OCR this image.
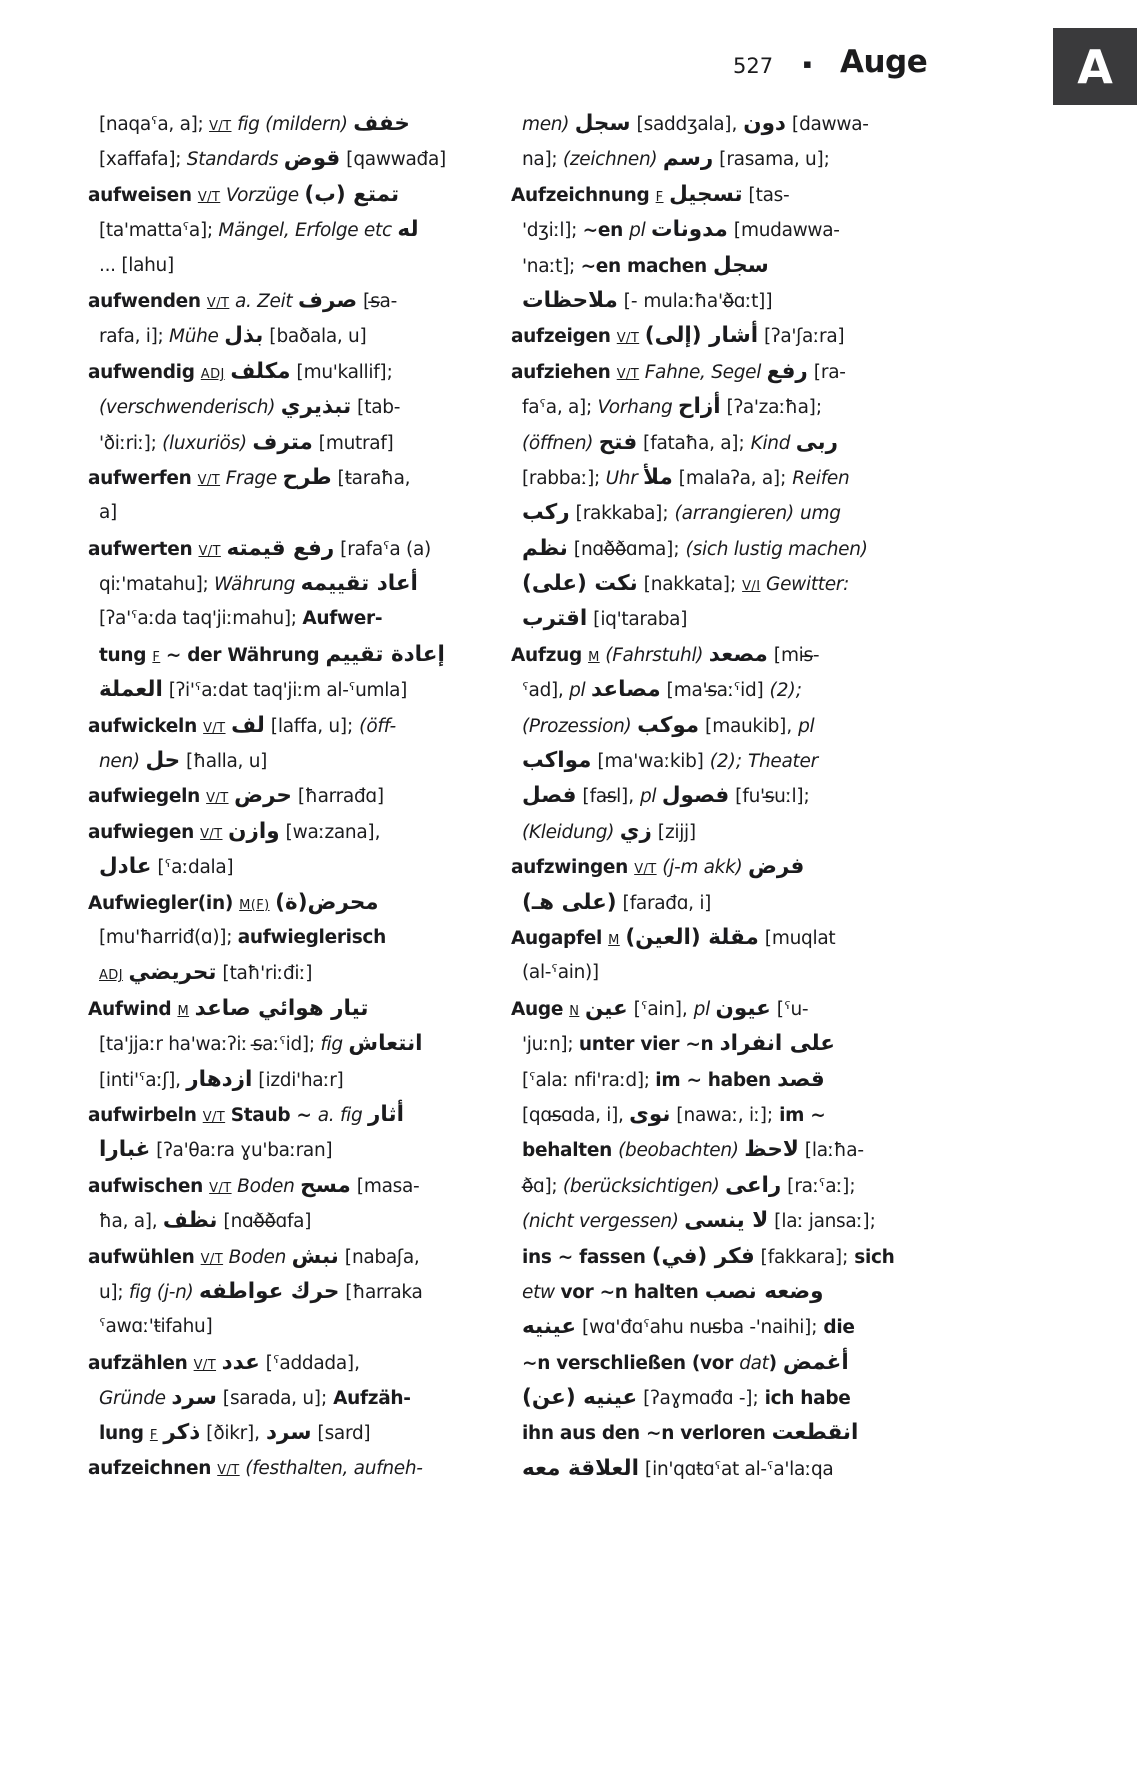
527 ▪ Auge	A
[naqaˤa, a]; V/T fig (mildern) خفف
[xaffafa]; Standards قوض [qawwađa]
aufweisen V/T Vorzüge تمتع (ب)
[ta'mattaˤa]; Mängel, Erfolge etc له
... [lahu]
aufwenden V/T a. Zeit صرف [s̶a-
rafa, i]; Mühe بذل [baðala, u]
aufwendig ADJ مكلف [mu'kallif];
(verschwenderisch) تبذيري [tab-
'ðiːriː]; (luxuriös) مترف [mutraf]
aufwerfen V/T Frage طرح [ŧaraħa,
a]
aufwerten V/T رفع قيمته [rafaˤa (a)
qiː'matahu]; Währung أعاد تقييمه
[ʔa'ˤaːda taq'jiːmahu]; Aufwer-
tung F ~ der Währung إعادة تقييم
العملة [ʔi'ˤaːdat taq'jiːm al-ˤumla]
aufwickeln V/T لف [laffa, u]; (öff-
nen) حل [ħalla, u]
aufwiegeln V/T حرض [ħarrađɑ]
aufwiegen V/T وازن [waːzana],
عادل [ˤaːdala]
Aufwiegler(in) M(F) محرض(ة)
[mu'ħarriđ(ɑ)]; aufwieglerisch
ADJ تحريضي [taħ'riːđiː]
Aufwind M تيار هوائي صاعد
[ta'jjaːr ha'waːʔiː s̶aːˤid]; fig انتعاش
[inti'ˤaːʃ], ازدهار [izdi'haːr]
aufwirbeln V/T Staub ~ a. fig أثار
غبارا [ʔa'θaːra ɣu'baːran]
aufwischen V/T Boden مسح [masa-
ħa, a], نظف [nɑð̶ð̶ɑfa]
aufwühlen V/T Boden نبش [nabaʃa,
u]; fig (j-n) حرك عواطفه [ħarraka
ˤawɑː'ŧifahu]
aufzählen V/T عدد [ˤaddada],
Gründe سرد [sarada, u]; Aufzäh-
lung F ذكر [ðikr], سرد [sard]
aufzeichnen V/T (festhalten, aufneh-
men) سجل [saddʒala], دون [dawwa-
na]; (zeichnen) رسم [rasama, u];
Aufzeichnung F تسجيل [tas-
'dʒiːl]; ~en pl مدونات [mudawwa-
'naːt]; ~en machen سجل
ملاحظات [- mulaːħa'ð̶ɑːt]]
aufzeigen V/T أشار (إلى) [ʔa'ʃaːra]
aufziehen V/T Fahne, Segel رفع [ra-
faˤa, a]; Vorhang أزاح [ʔa'zaːħa];
(öffnen) فتح [fataħa, a]; Kind ربى
[rabbaː]; Uhr ملأ [malaʔa, a]; Reifen
ركب [rakkaba]; (arrangieren) umg
نظم [nɑð̶ð̶ɑma]; (sich lustig machen)
نكت (على) [nakkata]; V/I Gewitter:
اقترب [iq'taraba]
Aufzug M (Fahrstuhl) مصعد [mis̶-
ˤad], pl مصاعد [ma's̶aːˤid] (2);
(Prozession) موكب [maukib], pl
مواكب [ma'waːkib] (2); Theater
فصل [fas̶l], pl فصول [fu's̶uːl];
(Kleidung) زي [zijj]
aufzwingen V/T (j-m akk) فرض
(على هـ) [farađɑ, i]
Augapfel M مقلة (العين) [muqlat
(al-ˤain)]
Auge N عين [ˤain], pl عيون [ˤu-
'juːn]; unter vier ~n على انفراد
[ˤalaː nfi'raːd]; im ~ haben قصد
[qɑs̶ɑda, i], نوى [nawaː, iː]; im ~
behalten (beobachten) لاحظ [laːħa-
ð̶ɑ]; (berücksichtigen) راعى [raːˤaː];
(nicht vergessen) لا ينسى [laː jansaː];
ins ~ fassen فكر (في) [fakkara]; sich
etw vor ~n halten وضعه نصب
عينيه [wɑ'đɑˤahu nus̶ba -'naihi]; die
~n verschließen (vor dat) أغمض
عينيه (عن) [ʔaɣmɑđɑ -]; ich habe
ihn aus den ~n verloren انقطعت
العلاقة معه [in'qɑŧɑˤat al-ˤa'laːqa
